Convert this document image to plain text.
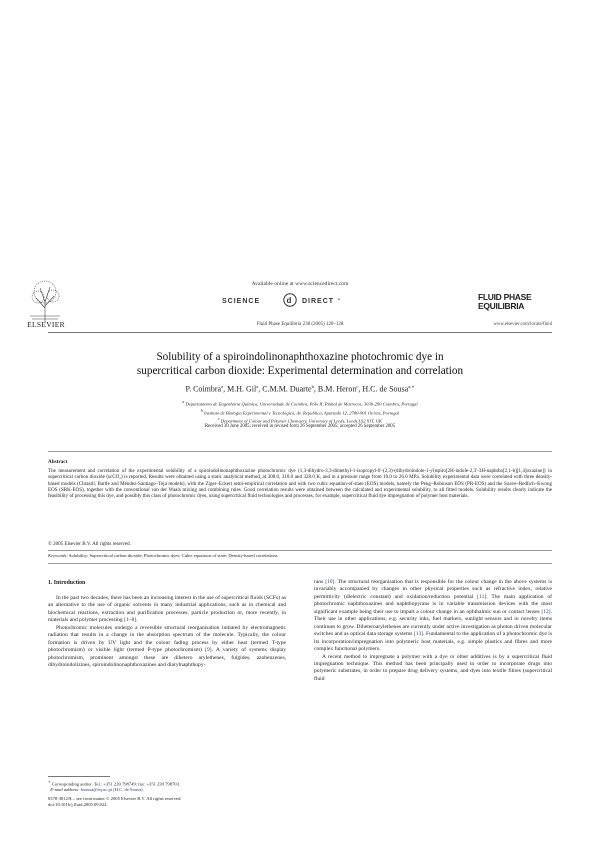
ELSEVIER
Available online at www.sciencedirect.com
SCIENCE	d DIRECT •
Fluid Phase Equilibria 238 (2005) 120–128
FLUID PHASE
EQUILIBRIA
www.elsevier.com/locate/fluid
Solubility of a spiroindolinonaphthoxazine photochromic dye in
supercritical carbon dioxide: Experimental determination and correlation
P. Coimbra$^a$, M.H. Gil$^a$, C.M.M. Duarte$^b$, B.M. Heron$^c$, H.C. de Sousa$^{a,∗}$
$^a$ Departamento de Engenharia Química, Universidade de Coimbra, Pólo II, Pinhal de Marrocos, 3030-290 Coimbra, Portugal
$^b$ Instituto de Biologia Experimental e Tecnológica, Av. Republica, Apartado 12, 2780-901 Oeiras, Portugal
$^c$ Department of Colour and Polymer Chemistry, University of Leeds, Leeds LS2 9JT, UK
Received 30 June 2005; received in revised form 26 September 2005; accepted 26 September 2005
Abstract
The measurement and correlation of the experimental solubility of a spiroindolinonaphthoxazine photochromic dye (1,3-dihydro-3,3-dimethyl-1-isopropyl-6′-(2,3)-(dihydroindole-1-yl)spiro[2H-indole-2,3′-3H-naphtho[2,1-b][1,4]oxazine]) in supercritical carbon dioxide (scCO₂) is reported. Results were obtained using a static analytical method, at 308.0, 318.0 and 328.0 K, and in a pressure range from 10.0 to 26.0 MPa. Solubility experimental data were correlated with three density-based models (Chrastil, Bartle and Méndez-Santiago–Teja models), with the Ziger–Eckert semi-empirical correlation and with two cubic equation-of-state (EOS) models, namely the Peng–Robinson EOS (PR-EOS) and the Soave–Redlich–Kwong EOS (SRK-EOS), together with the conventional van der Waals mixing and combining rules. Good correlation results were obtained between the calculated and experimental solubility, to all fitted models. Solubility results clearly indicate the feasibility of processing this dye, and possibly this class of photochromic dyes, using supercritical fluid technologies and processes, for example, supercritical fluid dye impregnation of polymer host materials.
© 2005 Elsevier B.V. All rights reserved.
Keywords: Solubility; Supercritical carbon dioxide; Photochromic dyes; Cubic equations of state; Density-based correlations
1. Introduction

In the past two decades, there has been an increasing interest in the use of supercritical fluids (SCFs) as an alternative to the use of organic solvents in many industrial applications, such as in chemical and biochemical reactions, extraction and purification processes, particle production or, more recently, in materials and polymer processing [1–8].

Photochromic molecules undergo a reversible structural reorganisation initiated by electromagnetic radiation that results in a change in the absorption spectrum of the molecule. Typically, the colour formation is driven by UV light and the colour fading process by either heat (termed T-type photochromism) or visible light (termed P-type photochromism) [9]. A variety of systems display photochromism, prominent amongst these are dihetero arylethenes, fulgides, azobenzenes, dihydroindolizines, spiroindolinonaphthoxazines and diarylnaphthopy-

rans [10]. The structural reorganisation that is responsible for the colour change in the above systems is invariably accompanied by changes in other physical properties such as refractive index, relative permittivity (dielectric constant) and oxidation/reduction potential [11]. The main application of photochromic naphthoxazines and naphthopyrans is in variable transmission devices with the most significant example being their use to impart a colour change in an ophthalmic sun or contact lenses [12]. Their use in other applications, e.g. security inks, fuel markers, sunlight sensors and in novelty items continues to grow. Diheteroarylethenes are currently under active investigation as photon driven molecular switches and as optical data storage systems [13]. Fundamental to the application of a photochromic dye is its incorporation/impregnation into polymeric host materials, e.g. simple plastics and fibres and more complex functional polymers.

A recent method to impregnate a polymer with a dye or other additives is by a supercritical fluid impregnation technique. This method has been principally used in order to incorporate drugs into polymeric substrates, in order to prepare drug delivery systems, and dyes into textile fibres (supercritical fluid

∗ Corresponding author. Tel.: +351 239 798749; fax: +351 239 798703.
E-mail address: hsousa@eq.uc.pt (H.C. de Sousa).
0378-3812/$ – see front matter © 2005 Elsevier B.V. All rights reserved.
doi:10.1016/j.fluid.2005.09.024
